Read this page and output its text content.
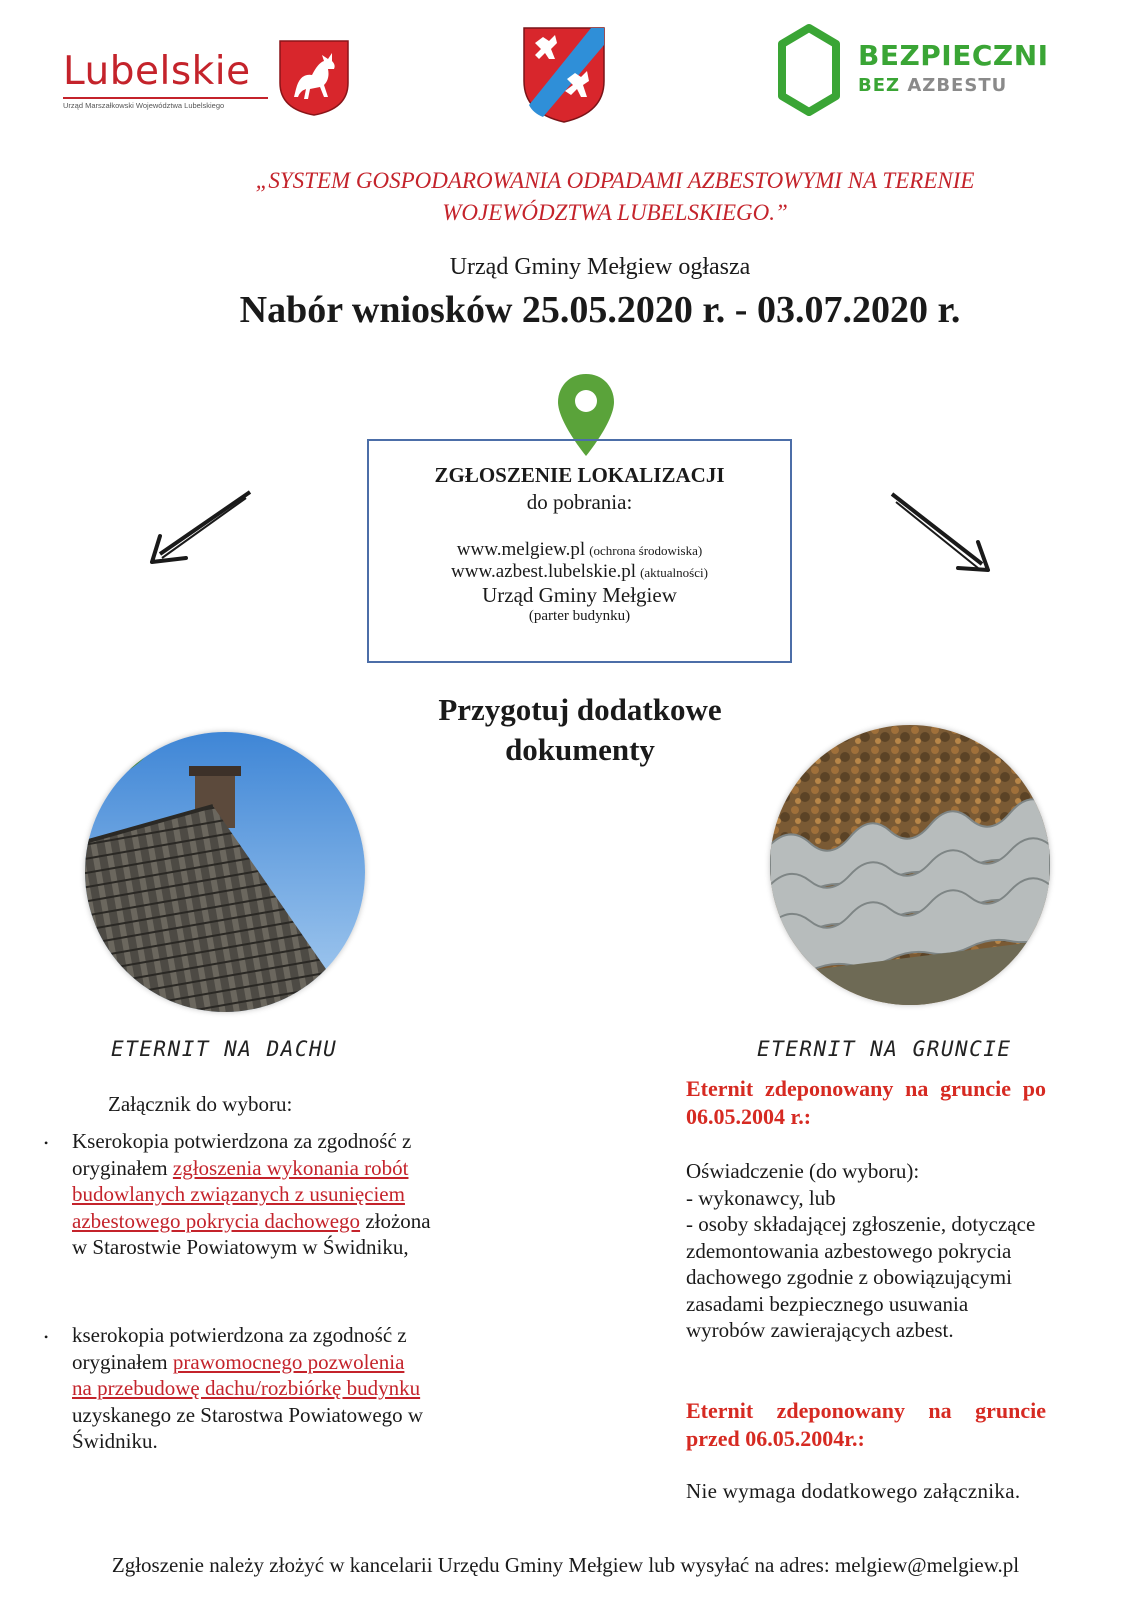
Lubelskie
Urząd Marszałkowski Województwa Lubelskiego
BEZPIECZNI
BEZ AZBESTU
„SYSTEM GOSPODAROWANIA ODPADAMI AZBESTOWYMI NA TERENIE
WOJEWÓDZTWA LUBELSKIEGO.”
Urząd Gminy Mełgiew ogłasza
Nabór wniosków 25.05.2020 r. - 03.07.2020 r.
ZGŁOSZENIE LOKALIZACJI
do pobrania:
www.melgiew.pl (ochrona środowiska)
www.azbest.lubelskie.pl (aktualności)
Urząd Gminy Mełgiew
(parter budynku)
Przygotuj dodatkowe
dokumenty
ETERNIT NA DACHU	ETERNIT NA GRUNCIE
Załącznik do wyboru:
• Kserokopia potwierdzona za zgodność z oryginałem zgłoszenia wykonania robót budowlanych związanych z usunięciem azbestowego pokrycia dachowego złożona w Starostwie Powiatowym w Świdniku,
• kserokopia potwierdzona za zgodność z oryginałem prawomocnego pozwolenia
na przebudowę dachu/rozbiórkę budynku
uzyskanego ze Starostwa Powiatowego w Świdniku.
Eternit zdeponowany na gruncie po 06.05.2004 r.:
Oświadczenie (do wyboru):
- wykonawcy, lub
- osoby składającej zgłoszenie, dotyczące zdemontowania azbestowego pokrycia dachowego zgodnie z obowiązującymi zasadami bezpiecznego usuwania wyrobów zawierających azbest.
Eternit zdeponowany na gruncie przed 06.05.2004r.:
Nie wymaga dodatkowego załącznika.
Zgłoszenie należy złożyć w kancelarii Urzędu Gminy Mełgiew lub wysyłać na adres: melgiew@melgiew.pl
